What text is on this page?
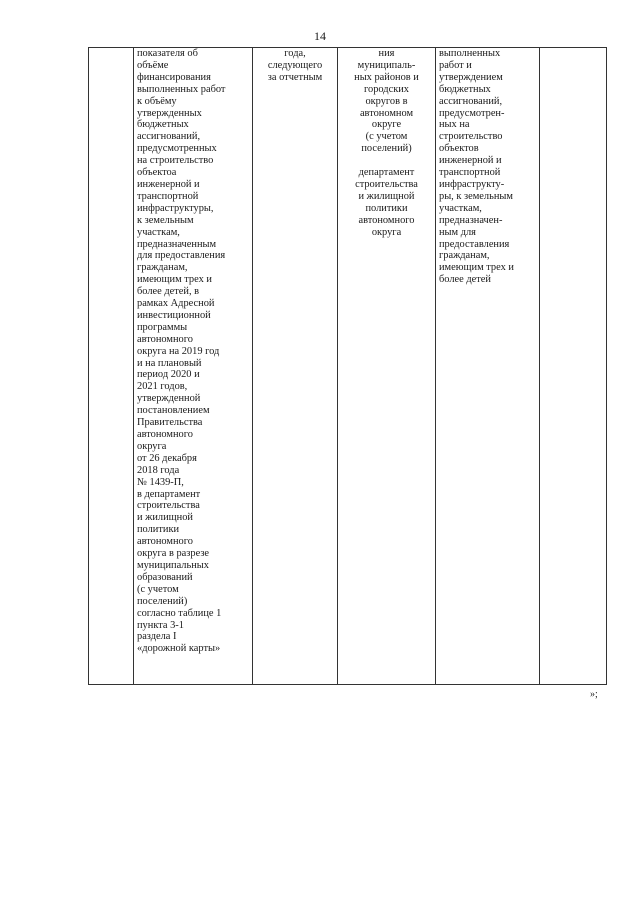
14
	показателя об
объёме
финансирования
выполненных работ
к объёму
утвержденных
бюджетных
ассигнований,
предусмотренных
на строительство
объектоа
инженерной и
транспортной
инфраструктуры,
к земельным
участкам,
предназначенным
для предоставления
гражданам,
имеющим трех и
более детей, в
рамках Адресной
инвестиционной
программы
автономного
округа на 2019 год
и на плановый
период 2020 и
2021 годов,
утвержденной
постановлением
Правительства
автономного
округа
от 26 декабря
2018 года
№ 1439-П,
в департамент
строительства
и жилищной
политики
автономного
округа в разрезе
муниципальных
образований
(с учетом
поселений)
согласно таблице 1
пункта 3-1
раздела I
«дорожной карты»	года,
следующего
за отчетным	ния
муниципаль-
ных районов и
городских
округов в
автономном
округе
(с учетом
поселений)

департамент
строительства
и жилищной
политики
автономного
округа	выполненных
работ и
утверждением
бюджетных
ассигнований,
предусмотрен-
ных на
строительство
объектов
инженерной и
транспортной
инфраструкту-
ры, к земельным
участкам,
предназначен-
ным для
предоставления
гражданам,
имеющим трех и
более детей	
»;
